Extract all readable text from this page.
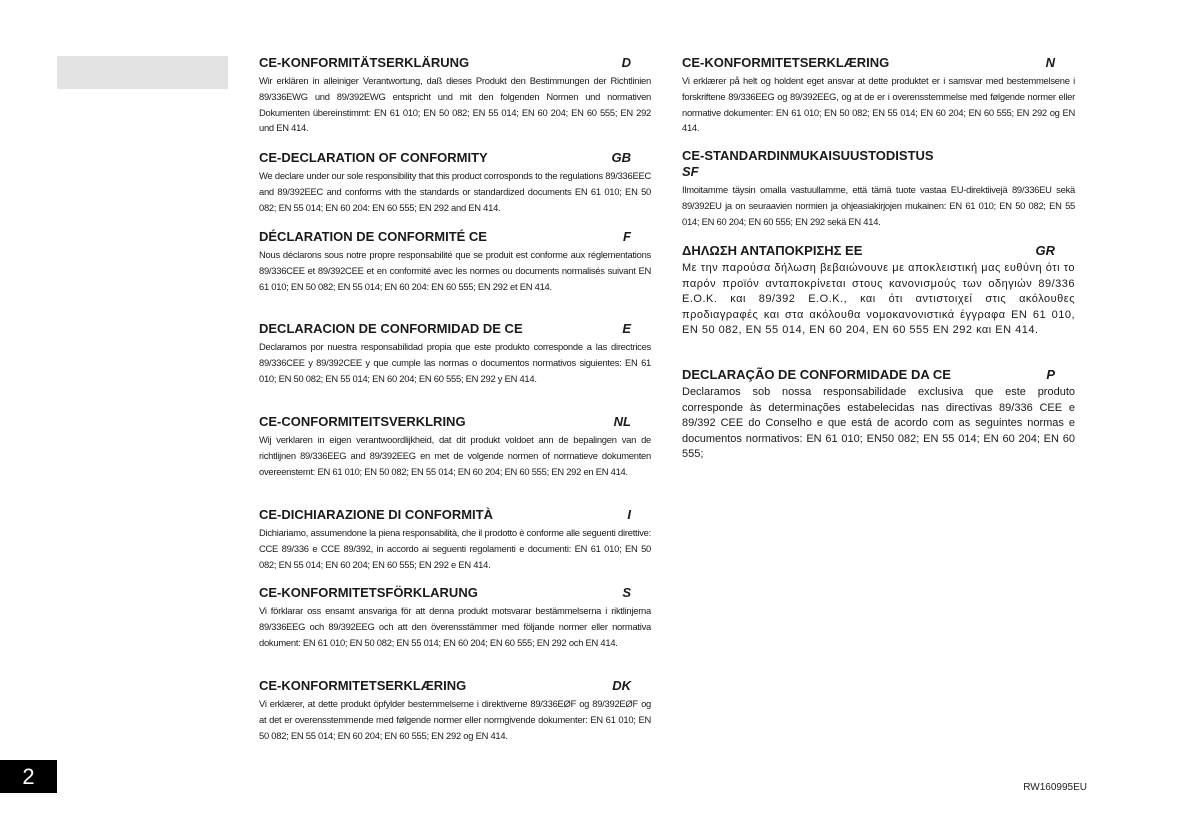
CE-KONFORMITÄTSERKLÄRUNG	D
Wir erklären in alleiniger Verantwortung, daß dieses Produkt den Bestimmungen der Richtlinien 89/336EWG und 89/392EWG entspricht und mit den folgenden Normen und normativen Dokumenten übereinstimmt: EN 61 010; EN 50 082; EN 55 014; EN 60 204; EN 60 555; EN 292 und EN 414.
CE-DECLARATION OF CONFORMITY	GB
We declare under our sole responsibility that this product corrosponds to the regulations 89/336EEC and 89/392EEC and conforms with the standards or standardized documents EN 61 010; EN 50 082; EN 55 014; EN 60 204: EN 60 555; EN 292 and EN 414.
DÉCLARATION DE CONFORMITÉ CE	F
Nous déclarons sous notre propre responsabilité que se produit est conforme aux réglementations 89/336CEE et 89/392CEE et en conformité avec les normes ou documents normalisés suivant EN 61 010; EN 50 082; EN 55 014; EN 60 204: EN 60 555; EN 292 et EN 414.
DECLARACION DE CONFORMIDAD DE CE	E
Declaramos por nuestra responsabilidad propia que este produkto corresponde a las directrices 89/336CEE y 89/392CEE y que cumple las normas o documentos normativos siguientes: EN 61 010; EN 50 082; EN 55 014; EN 60 204; EN 60 555; EN 292 y EN 414.
CE-CONFORMITEITSVERKLRING	NL
Wij verklaren in eigen verantwoordlijkheid, dat dit produkt voldoet ann de bepalingen van de richtlijnen 89/336EEG and 89/392EEG en met de volgende normen of normatieve dokumenten overeenstemt: EN 61 010; EN 50 082; EN 55 014; EN 60 204; EN 60 555; EN 292 en EN 414.
CE-DICHIARAZIONE DI CONFORMITÀ	I
Dichiariamo, assumendone la piena responsabilità, che il prodotto è conforme alle seguenti direttive: CCE 89/336 e CCE 89/392, in accordo ai seguenti regolamenti e documenti: EN 61 010; EN 50 082; EN 55 014; EN 60 204; EN 60 555; EN 292 e EN 414.
CE-KONFORMITETSFÖRKLARUNG	S
Vi förklarar oss ensamt ansvariga för att denna produkt motsvarar bestämmelserna i riktlinjerna 89/336EEG och 89/392EEG och att den överensstämmer med följande normer eller normativa dokument: EN 61 010; EN 50 082; EN 55 014; EN 60 204; EN 60 555; EN 292 och EN 414.
CE-KONFORMITETSERKLÆRING	DK
Vi erklærer, at dette produkt öpfylder bestemmelserne i direktiverne 89/336EØF og 89/392EØF og at det er overensstemmende med følgende normer eller normgivende dokumenter: EN 61 010; EN 50 082; EN 55 014; EN 60 204; EN 60 555; EN 292 og EN 414.
CE-KONFORMITETSERKLÆRING	N
Vi erklærer på helt og holdent eget ansvar at dette produktet er i samsvar med bestemmelsene i forskriftene 89/336EEG og 89/392EEG, og at de er i overensstemmelse med følgende normer eller normative dokumenter: EN 61 010; EN 50 082; EN 55 014; EN 60 204; EN 60 555; EN 292 og EN 414.
CE-STANDARDINMUKAISUUSTODISTUS
SF
Ilmoitamme täysin omalla vastuullamme, että tämä tuote vastaa EU-direktiivejä 89/336EU sekä 89/392EU ja on seuraavien normien ja ohjeasiakirjojen mukainen: EN 61 010; EN 50 082; EN 55 014; EN 60 204; EN 60 555; EN 292 sekä EN 414.
ΔΗΛΩΣΗ ΑΝΤΑΠΟΚΡΙΣΗΣ ΕΕ	GR
Με την παρούσα δήλωση βεβαιώνουνε με αποκλειστική μας ευθύνη ότι το παρόν προϊόν ανταποκρίνεται στους κανονισμούς των οδηγιών 89/336 Ε.Ο.Κ. και 89/392 Ε.Ο.Κ., και ότι αντιστοιχεί στις ακόλουθες προδιαγραφές και στα ακόλουθα νομοκανονιστικά έγγραφα EN 61 010, EN 50 082, EN 55 014, EN 60 204, EN 60 555 EN 292 και EN 414.
DECLARAÇÃO DE CONFORMIDADE DA CE	P
Declaramos sob nossa responsabilidade exclusiva que este produto corresponde às determinações estabelecidas nas directivas 89/336 CEE e 89/392 CEE do Conselho e que está de acordo com as seguintes normas e documentos normativos: EN 61 010; EN50 082; EN 55 014; EN 60 204; EN 60 555;
2	RW160995EU
